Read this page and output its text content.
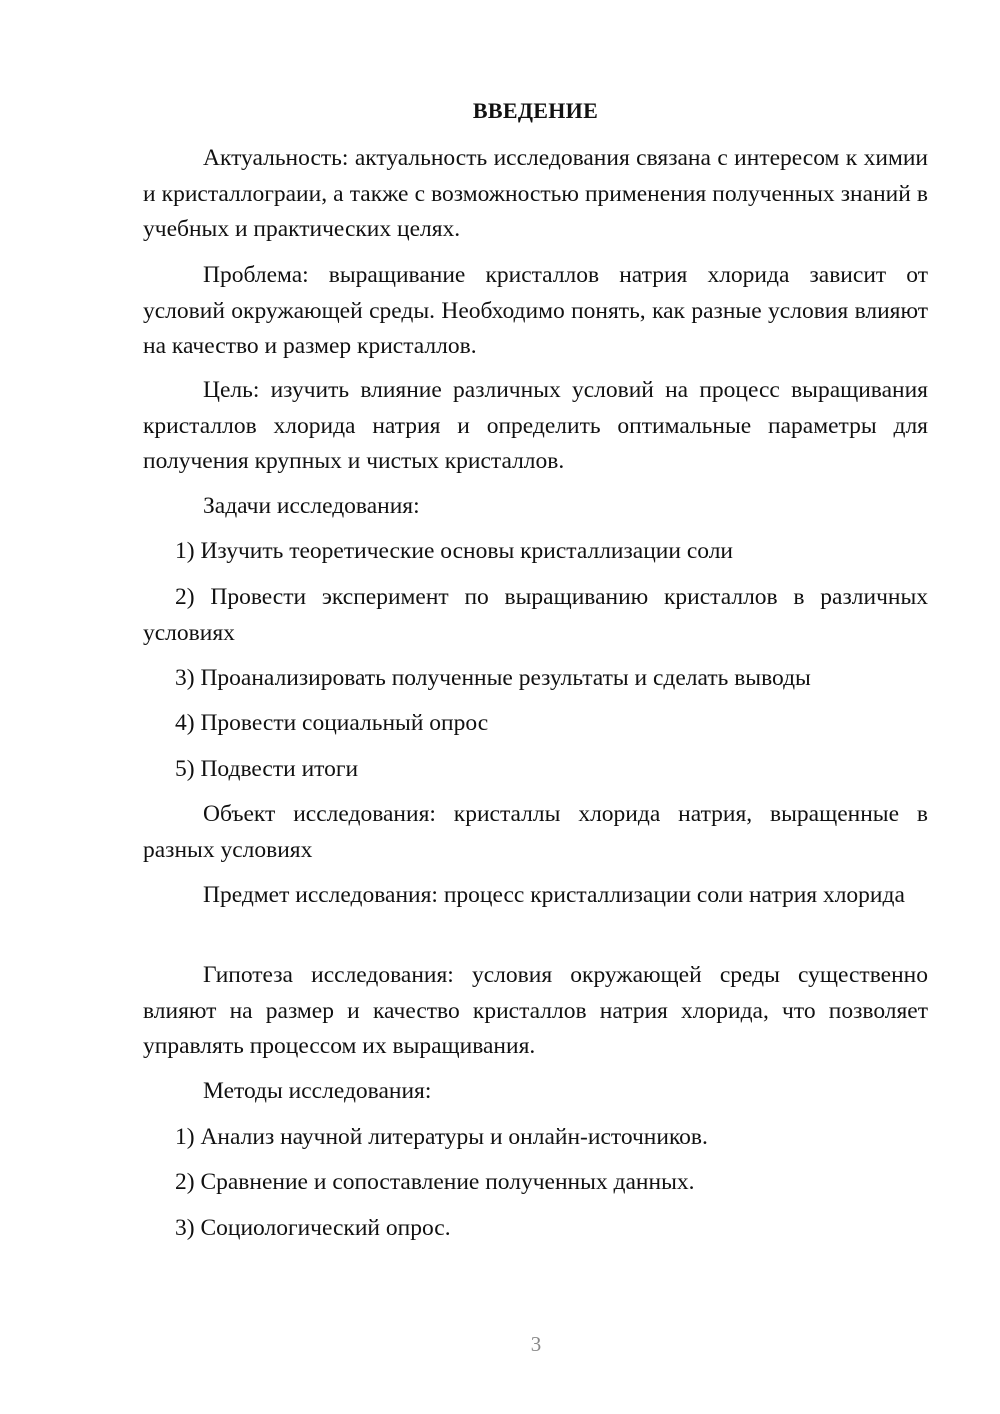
ВВЕДЕНИЕ

Актуальность: актуальность исследования связана с интересом к химии и кристаллограии, а также с возможностью применения полученных знаний в учебных и практических целях.

Проблема: выращивание кристаллов натрия хлорида зависит от условий окружающей среды. Необходимо понять, как разные условия влияют на качество и размер кристаллов.

Цель: изучить влияние различных условий на процесс выращивания кристаллов хлорида натрия и определить оптимальные параметры для получения крупных и чистых кристаллов.

Задачи исследования:

1) Изучить теоретические основы кристаллизации соли

2) Провести эксперимент по выращиванию кристаллов в различных условиях

3) Проанализировать полученные результаты и сделать выводы

4) Провести социальный опрос

5) Подвести итоги

Объект исследования: кристаллы хлорида натрия, выращенные в разных условиях

Предмет исследования: процесс кристаллизации соли натрия хлорида

Гипотеза исследования: условия окружающей среды существенно влияют на размер и качество кристаллов натрия хлорида, что позволяет управлять процессом их выращивания.

Методы исследования:

1) Анализ научной литературы и онлайн-источников.

2) Сравнение и сопоставление полученных данных.

3) Социологический опрос.

3
